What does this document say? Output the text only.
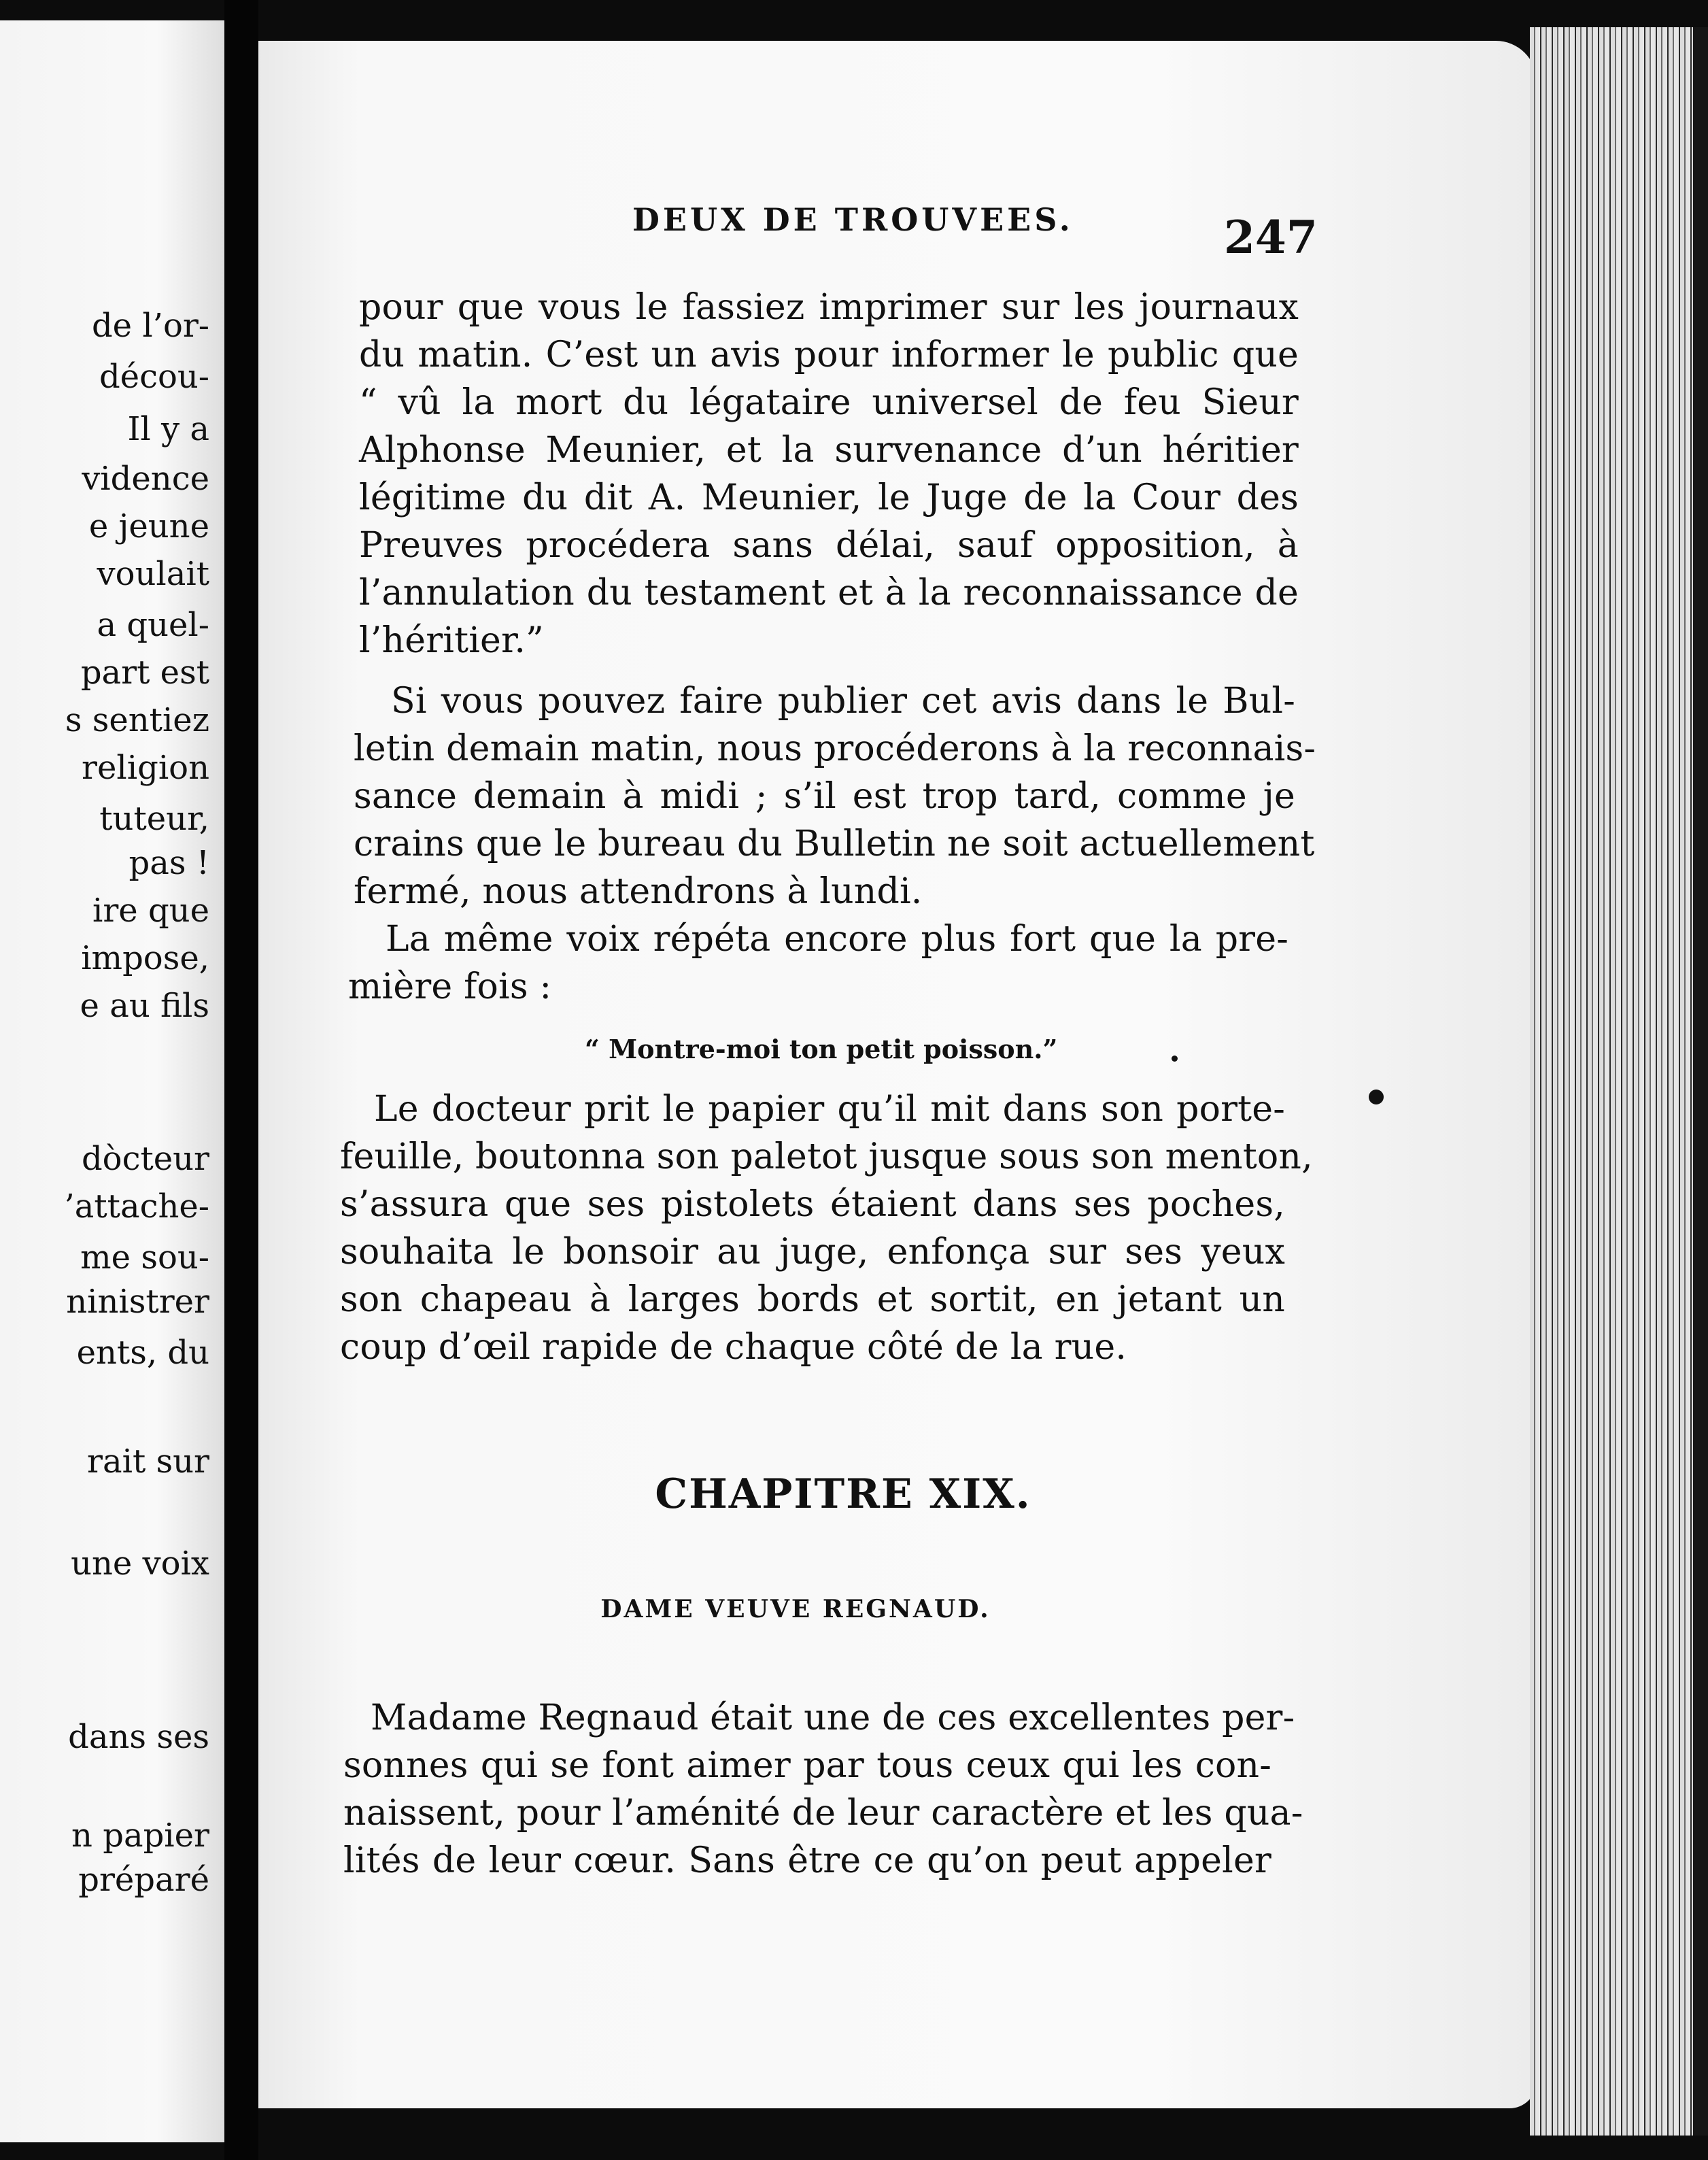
de l’or-
décou-
Il y a
vidence
e jeune
voulait
a quel-
part est
s sentiez
religion
tuteur,
pas !
ire que
impose,
e au fils
dòcteur
’attache-
me sou-
ninistrer
ents, du
rait sur
une voix
dans ses
n papier
préparé
DEUX DE TROUVEES.	247
pour que vous le fassiez imprimer sur les journaux
du matin. C’est un avis pour informer le public que
“ vû la mort du légataire universel de feu Sieur
Alphonse Meunier, et la survenance d’un héritier
légitime du dit A. Meunier, le Juge de la Cour des
Preuves procédera sans délai, sauf opposition, à
l’annulation du testament et à la reconnaissance de
l’héritier.”
Si vous pouvez faire publier cet avis dans le Bul-
letin demain matin, nous procéderons à la reconnais-
sance demain à midi ; s’il est trop tard, comme je
crains que le bureau du Bulletin ne soit actuellement
fermé, nous attendrons à lundi.
La même voix répéta encore plus fort que la pre-
mière fois :
Le docteur prit le papier qu’il mit dans son porte-
feuille, boutonna son paletot jusque sous son menton,
s’assura que ses pistolets étaient dans ses poches,
souhaita le bonsoir au juge, enfonça sur ses yeux
son chapeau à larges bords et sortit, en jetant un
coup d’œil rapide de chaque côté de la rue.
Madame Regnaud était une de ces excellentes per-
sonnes qui se font aimer par tous ceux qui les con-
naissent, pour l’aménité de leur caractère et les qua-
lités de leur cœur. Sans être ce qu’on peut appeler
“ Montre-moi ton petit poisson.”
CHAPITRE XIX.
DAME VEUVE REGNAUD.
